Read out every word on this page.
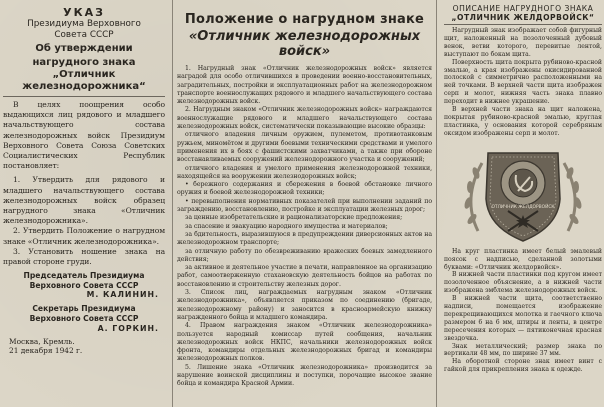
УКАЗ
Президиума Верховного
Совета СССР
Об утверждении
нагрудного знака
„Отличник железнодорожника“

В целях поощрения особо выдающихся лиц рядового и младшего начальствующего состава железнодорожных войск Президиум Верховного Совета Союза Советских Социалистических Республик постановляет:

1. Утвердить для рядового и младшего начальствующего состава железнодорожных войск образец нагрудного знака «Отличник железнодорожника».

2. Утвердить Положение о нагрудном знаке «Отличник железнодорожника».

3. Установить ношение знака на правой стороне груди.

Председатель Президиума
Верховного Совета СССР
М. КАЛИНИН.
Секретарь Президиума
Верховного Совета СССР
А. ГОРКИН.
Москва, Кремль.
21 декабря 1942 г.
Положение о нагрудном знаке
«Отличник железнодорожных войск»

1. Нагрудный знак «Отличник железнодорожных войск» является наградой для особо отличившихся в проведении военно-восстановительных, заградительных, постройки и эксплуатационных работ на железнодорожном транспорте военнослужащих рядового и младшего начальствующего состава железнодорожных войск.

2. Нагрудным знаком «Отличник железнодорожных войск» награждаются военнослужащие рядового и младшего начальствующего состава железнодорожных войск, систематически показывающие высокие образцы:

отличного владения личным оружием, пулеметом, противотанковым ружьем, миномётом и другими боевыми техническими средствами и умелого применения их в боях с фашистскими захватчиками, а также при обороне восстанавливаемых сооружений железнодорожного участка и сооружений;

отличного владения и умелого применения железнодорожной техники, находящейся на вооружении железнодорожных войск;

• бережного содержания и сбережения в боевой обстановке личного оружия и боевой железнодорожной техники;

• перевыполнения нормативных показателей при выполнении заданий по заграждению, восстановлению, постройке и эксплуатации железных дорог;

за ценные изобретательские и рационализаторские предложения;

за спасение и эвакуацию народного имущества и материалов;

за бдительность, выразившуюся в предупреждении диверсионных актов на железнодорожном транспорте;

за отличную работу по обезвреживанию вражеских боевых замедленного действия;

за активное и деятельное участие в печати, направленное на организацию работ, самоотверженную стахановскую деятельность бойцов на работах по восстановлению и строительству железных дорог.

3. Список лиц, награждаемых нагрудным знаком «Отличник железнодорожника», объявляется приказом по соединению (бригаде, железнодорожному району) и заносится в красноармейскую книжку награжденного бойца и младшего командира.

4. Правом награждения знаком «Отличник железнодорожника» пользуется народный комиссар путей сообщения, начальник железнодорожных войск НКПС, начальники железнодорожных войск фронта, командиры отдельных железнодорожных бригад и командиры железнодорожных полков.

5. Лишение знака «Отличник железнодорожника» производится за нарушение воинской дисциплины и поступки, порочащие высокое звание бойца и командира Красной Армии.

ОПИСАНИЕ НАГРУДНОГО ЗНАКА
„ОТЛИЧНИК ЖЕЛДОРВОЙСК“

Нагрудный знак изображает собой фигурный щит, наложенный на позолоченный дубовый венок, ветви которого, перевитые лентой, выступают по бокам щита.

Поверхность щита покрыта рубиново-красной эмалью, а края изображены окисидированной полоской с симметрично расположенными на ней точками. В верхней части щита изображен серп и молот, нижняя часть знака плавно переходит в нижнее украшение.

В верхней части знака на щит наложена, покрытая рубиново-красной эмалью, круглая пластинка, у основания которой серебряным оксидом изображены серп и молот.

ОТЛИЧНИК ЖЕЛДОРВОЙСК

На круг пластинка имеет белый эмалевый поясок с надписью, сделанной золотыми буквами: «Отличник желдорвойск».

В нижней части пластинки под кругом имеет позолоченное объяснение, а в нижней части изображена эмблема железнодорожных войск.

В нижней части щита, соответственно надписи, помещается изображение перекрещивающихся молотка и гаечного ключа размером 6 на 6 мм, штиры и ленты, в центре пересечения которых — пятиконечная красная звездочка.

Знак металлический; размер знака по вертикали 48 мм, по ширине 37 мм.

На оборотной стороне знак имеет винт с гайкой для прикрепления знака к одежде.
